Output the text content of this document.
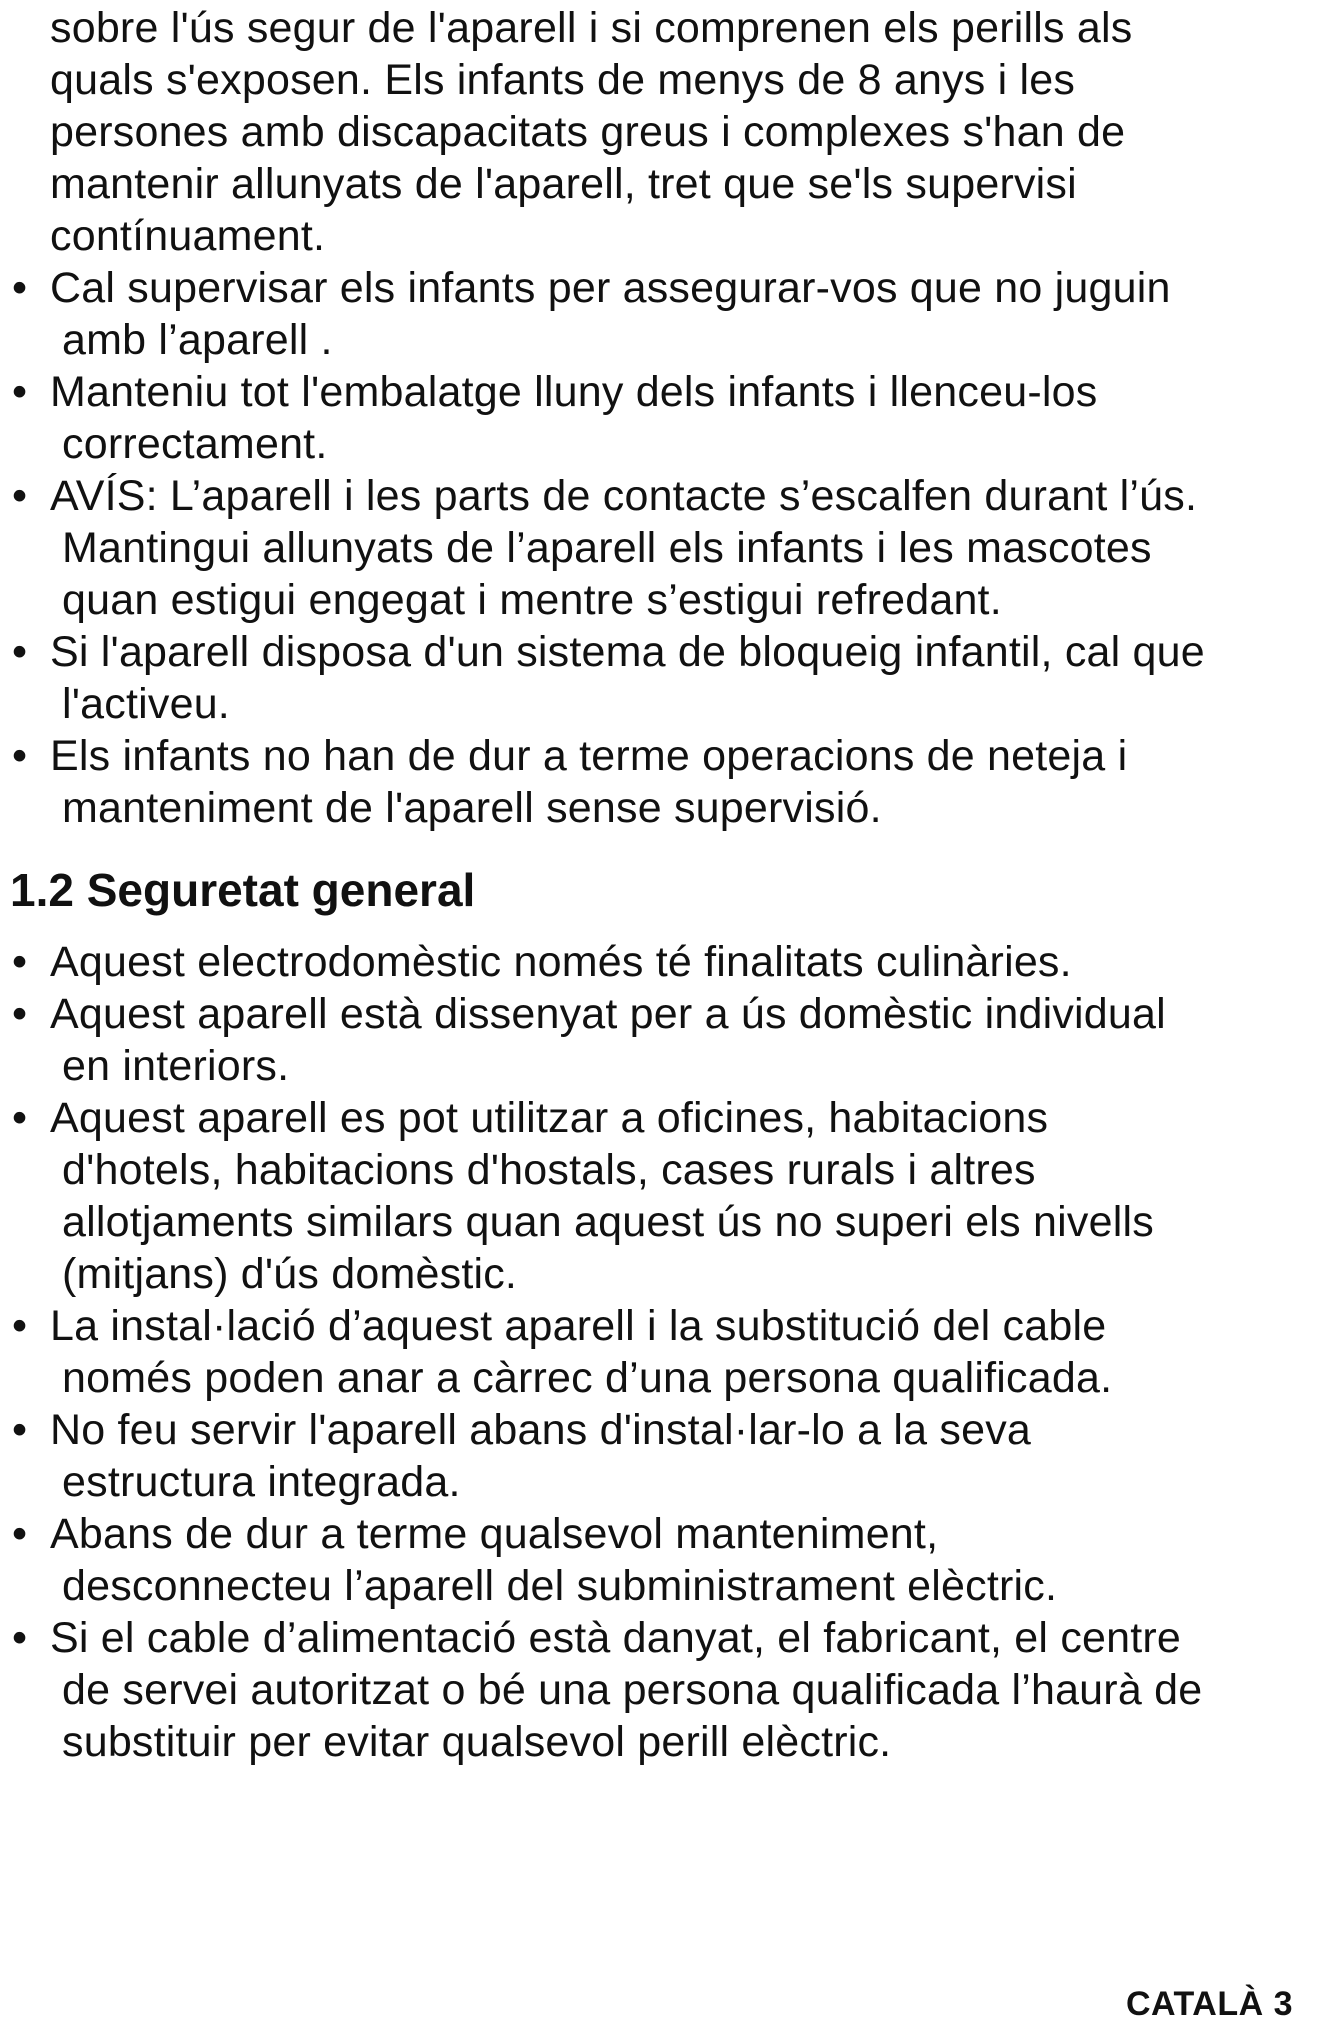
sobre l'ús segur de l'aparell i si comprenen els perills als
quals s'exposen. Els infants de menys de 8 anys i les
persones amb discapacitats greus i complexes s'han de
mantenir allunyats de l'aparell, tret que se'ls supervisi
contínuament.
• Cal supervisar els infants per assegurar-vos que no juguin
amb l’aparell .
• Manteniu tot l'embalatge lluny dels infants i llenceu-los
correctament.
• AVÍS: L’aparell i les parts de contacte s’escalfen durant l’ús.
Mantingui allunyats de l’aparell els infants i les mascotes
quan estigui engegat i mentre s’estigui refredant.
• Si l'aparell disposa d'un sistema de bloqueig infantil, cal que
l'activeu.
• Els infants no han de dur a terme operacions de neteja i
manteniment de l'aparell sense supervisió.
1.2 Seguretat general
• Aquest electrodomèstic només té finalitats culinàries.
• Aquest aparell està dissenyat per a ús domèstic individual
en interiors.
• Aquest aparell es pot utilitzar a oficines, habitacions
d'hotels, habitacions d'hostals, cases rurals i altres
allotjaments similars quan aquest ús no superi els nivells
(mitjans) d'ús domèstic.
• La instal·lació d’aquest aparell i la substitució del cable
només poden anar a càrrec d’una persona qualificada.
• No feu servir l'aparell abans d'instal·lar-lo a la seva
estructura integrada.
• Abans de dur a terme qualsevol manteniment,
desconnecteu l’aparell del subministrament elèctric.
• Si el cable d’alimentació està danyat, el fabricant, el centre
de servei autoritzat o bé una persona qualificada l’haurà de
substituir per evitar qualsevol perill elèctric.
CATALÀ 3
